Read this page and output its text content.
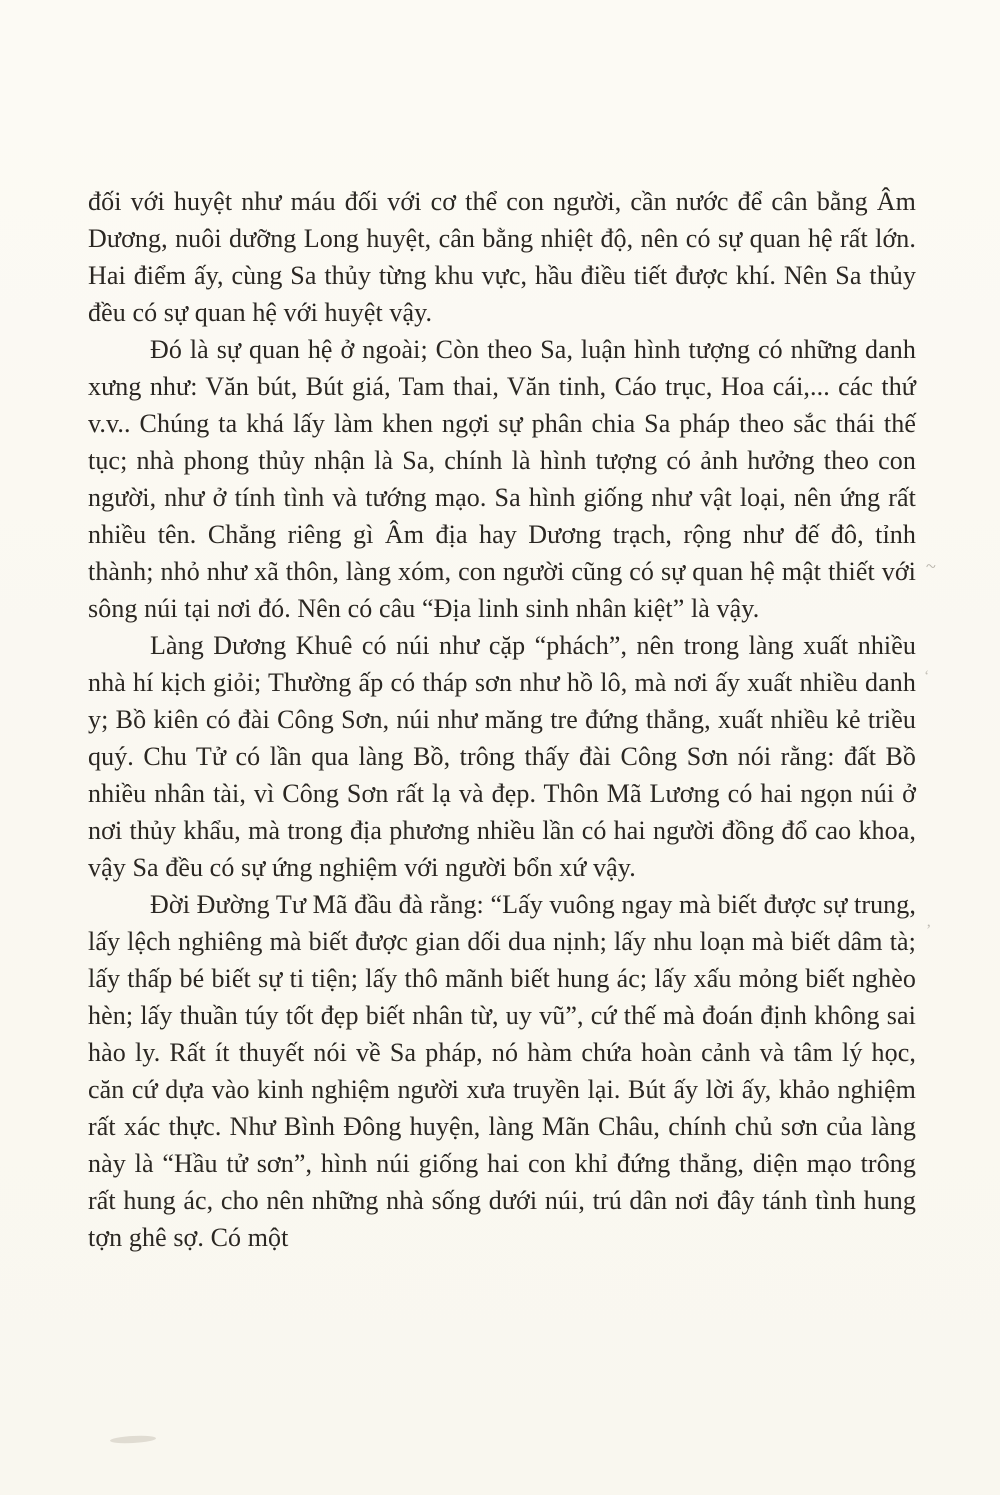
đối với huyệt như máu đối với cơ thể con người, cần nước để cân bằng Âm Dương, nuôi dưỡng Long huyệt, cân bằng nhiệt độ, nên có sự quan hệ rất lớn. Hai điểm ấy, cùng Sa thủy từng khu vực, hầu điều tiết được khí. Nên Sa thủy đều có sự quan hệ với huyệt vậy.

Đó là sự quan hệ ở ngoài; Còn theo Sa, luận hình tượng có những danh xưng như: Văn bút, Bút giá, Tam thai, Văn tinh, Cáo trục, Hoa cái,... các thứ v.v.. Chúng ta khá lấy làm khen ngợi sự phân chia Sa pháp theo sắc thái thế tục; nhà phong thủy nhận là Sa, chính là hình tượng có ảnh hưởng theo con người, như ở tính tình và tướng mạo. Sa hình giống như vật loại, nên ứng rất nhiều tên. Chẳng riêng gì Âm địa hay Dương trạch, rộng như đế đô, tỉnh thành; nhỏ như xã thôn, làng xóm, con người cũng có sự quan hệ mật thiết với sông núi tại nơi đó. Nên có câu “Địa linh sinh nhân kiệt” là vậy.

Làng Dương Khuê có núi như cặp “phách”, nên trong làng xuất nhiều nhà hí kịch giỏi; Thường ấp có tháp sơn như hồ lô, mà nơi ấy xuất nhiều danh y; Bồ kiên có đài Công Sơn, núi như măng tre đứng thẳng, xuất nhiều kẻ triều quý. Chu Tử có lần qua làng Bồ, trông thấy đài Công Sơn nói rằng: đất Bồ nhiều nhân tài, vì Công Sơn rất lạ và đẹp. Thôn Mã Lương có hai ngọn núi ở nơi thủy khẩu, mà trong địa phương nhiều lần có hai người đồng đổ cao khoa, vậy Sa đều có sự ứng nghiệm với người bổn xứ vậy.

Đời Đường Tư Mã đầu đà rằng: “Lấy vuông ngay mà biết được sự trung, lấy lệch nghiêng mà biết được gian dối dua nịnh; lấy nhu loạn mà biết dâm tà; lấy thấp bé biết sự ti tiện; lấy thô mãnh biết hung ác; lấy xấu mỏng biết nghèo hèn; lấy thuần túy tốt đẹp biết nhân từ, uy vũ”, cứ thế mà đoán định không sai hào ly. Rất ít thuyết nói về Sa pháp, nó hàm chứa hoàn cảnh và tâm lý học, căn cứ dựa vào kinh nghiệm người xưa truyền lại. Bút ấy lời ấy, khảo nghiệm rất xác thực. Như Bình Đông huyện, làng Mãn Châu, chính chủ sơn của làng này là “Hầu tử sơn”, hình núi giống hai con khỉ đứng thẳng, diện mạo trông rất hung ác, cho nên những nhà sống dưới núi, trú dân nơi đây tánh tình hung tợn ghê sợ. Có một

~
‘
’
